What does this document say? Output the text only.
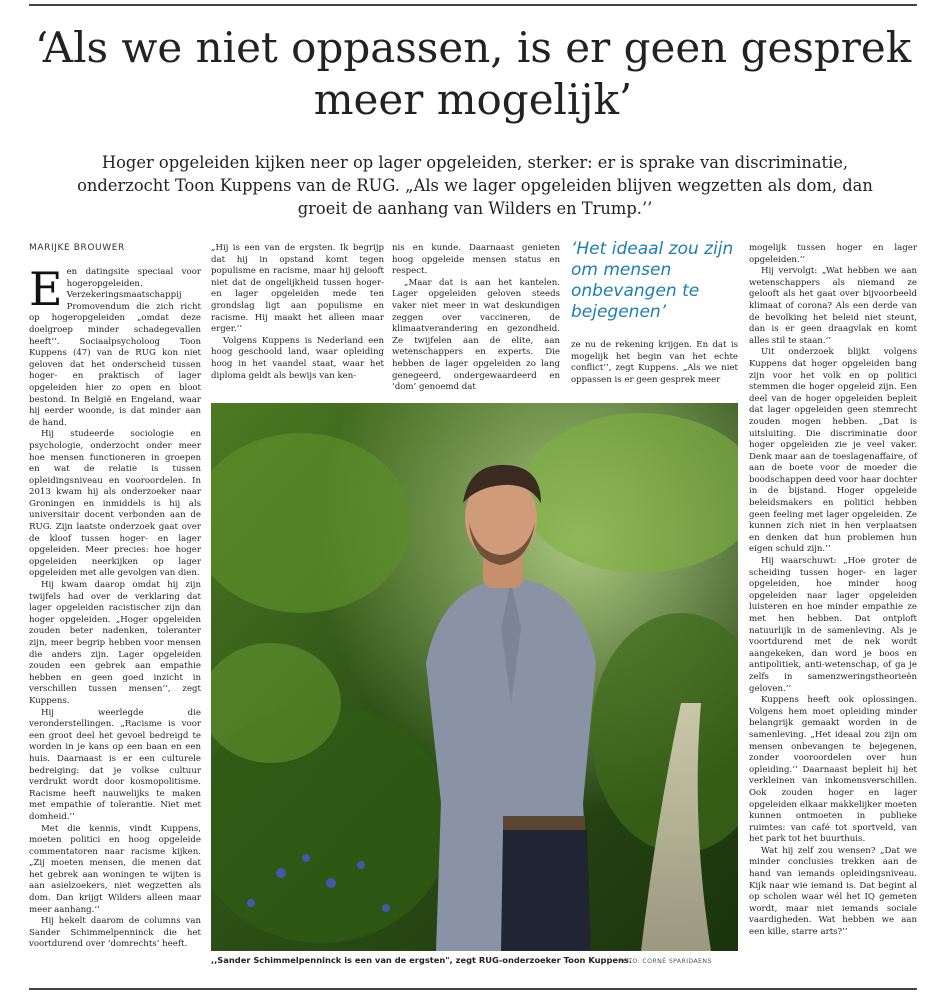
‘Als we niet oppassen, is er geen gesprek meer mogelijk’

Hoger opgeleiden kijken neer op lager opgeleiden, sterker: er is sprake van discriminatie, onderzocht Toon Kuppens van de RUG. „Als we lager opgeleiden blijven wegzetten als dom, dan groeit de aanhang van Wilders en Trump.’’

MARIJKE BROUWER
E en datingsite speciaal voor hogeropgeleiden. Verzekeringsmaatschappij Promovendum die zich richt op hogeropgeleiden „omdat deze doelgroep minder schadegevallen heeft’’. Sociaalpsycholoog Toon Kuppens (47) van de RUG kon niet geloven dat het onderscheid tussen hoger- en praktisch of lager opgeleiden hier zo open en bloot bestond. In België en Engeland, waar hij eerder woonde, is dat minder aan de hand.

Hij studeerde sociologie en psychologie, onderzocht onder meer hoe mensen functioneren in groepen en wat de relatie is tussen opleidingsniveau en vooroordelen. In 2013 kwam hij als onderzoeker naar Groningen en inmiddels is hij als universitair docent verbonden aan de RUG. Zijn laatste onderzoek gaat over de kloof tussen hoger- en lager opgeleiden. Meer precies: hoe hoger opgeleiden neerkijken op lager opgeleiden met alle gevolgen van dien.

Hij kwam daarop omdat hij zijn twijfels had over de verklaring dat lager opgeleiden racistischer zijn dan hoger opgeleiden. „Hoger opgeleiden zouden beter nadenken, toleranter zijn, meer begrip hebben voor mensen die anders zijn. Lager opgeleiden zouden een gebrek aan empathie hebben en geen goed inzicht in verschillen tussen mensen’’, zegt Kuppens.

Hij weerlegde die veronderstellingen. „Racisme is voor een groot deel het gevoel bedreigd te worden in je kans op een baan en een huis. Daarnaast is er een culturele bedreiging: dat je volkse cultuur verdrukt wordt door kosmopolitisme. Racisme heeft nauwelijks te maken met empathie of tolerantie. Niet met domheid.’’

Met die kennis, vindt Kuppens, moeten politici en hoog opgeleide commentatoren naar racisme kijken. „Zij moeten mensen, die menen dat het gebrek aan woningen te wijten is aan asielzoekers, niet wegzetten als dom. Dan krijgt Wilders alleen maar meer aanhang.’’

Hij hekelt daarom de columns van Sander Schimmelpenninck die het voortdurend over ‘domrechts’ heeft.

„Hij is een van de ergsten. Ik begrijp dat hij in opstand komt tegen populisme en racisme, maar hij gelooft niet dat de ongelijkheid tussen hoger- en lager opgeleiden mede ten grondslag ligt aan populisme en racisme. Hij maakt het alleen maar erger.’’

Volgens Kuppens is Nederland een hoog geschoold land, waar opleiding hoog in het vaandel staat, waar het diploma geldt als bewijs van ken-

nis en kunde. Daarnaast genieten hoog opgeleide mensen status en respect.

„Maar dat is aan het kantelen. Lager opgeleiden geloven steeds vaker niet meer in wat deskundigen zeggen over vaccineren, de klimaatverandering en gezondheid. Ze twijfelen aan de elite, aan wetenschappers en experts. Die hebben de lager opgeleiden zo lang genegeerd, ondergewaardeerd en ‘dom’ genoemd dat

‘Het ideaal zou zijn om mensen onbevangen te bejegenen’

ze nu de rekening krijgen. En dat is mogelijk het begin van het echte conflict’’, zegt Kuppens. „Als we niet oppassen is er geen gesprek meer

mogelijk tussen hoger en lager opgeleiden.’’

Hij vervolgt: „Wat hebben we aan wetenschappers als niemand ze gelooft als het gaat over bijvoorbeeld klimaat of corona? Als een derde van de bevolking het beleid niet steunt, dan is er geen draagvlak en komt alles stil te staan.’’

Uit onderzoek blijkt volgens Kuppens dat hoger opgeleiden bang zijn voor het volk en op politici stemmen die hoger opgeleid zijn. Een deel van de hoger opgeleiden bepleit dat lager opgeleiden geen stemrecht zouden mogen hebben. „Dat is uitsluiting. Die discriminatie door hoger opgeleiden zie je veel vaker. Denk maar aan de toeslagenaffaire, of aan de boete voor de moeder die boodschappen deed voor haar dochter in de bijstand. Hoger opgeleide beleidsmakers en politici hebben geen feeling met lager opgeleiden. Ze kunnen zich niet in hen verplaatsen en denken dat hun problemen hun eigen schuld zijn.’’

Hij waarschuwt: „Hoe groter de scheiding tussen hoger- en lager opgeleiden, hoe minder hoog opgeleiden naar lager opgeleiden luisteren en hoe minder empathie ze met hen hebben. Dat ontploft natuurlijk in de samenleving. Als je voortdurend met de nek wordt aangekeken, dan word je boos en antipolitiek, anti-wetenschap, of ga je zelfs in samenzweringstheorieën geloven.’’

Kuppens heeft ook oplossingen. Volgens hem moet opleiding minder belangrijk gemaakt worden in de samenleving. „Het ideaal zou zijn om mensen onbevangen te bejegenen, zonder vooroordelen over hun opleiding.’’ Daarnaast bepleit hij het verkleinen van inkomensverschillen. Ook zouden hoger en lager opgeleiden elkaar makkelijker moeten kunnen ontmoeten in publieke ruimtes: van café tot sportveld, van het park tot het buurthuis.

Wat hij zelf zou wensen? „Dat we minder conclusies trekken aan de hand van iemands opleidingsniveau. Kijk naar wie iemand is. Dat begint al op scholen waar wél het IQ gemeten wordt, maar niet iemands sociale vaardigheden. Wat hebben we aan een kille, starre arts?’’

,,Sander Schimmelpenninck is een van de ergsten", zegt RUG-onderzoeker Toon Kuppens.
FOTO: CORNÉ SPARIDAENS
